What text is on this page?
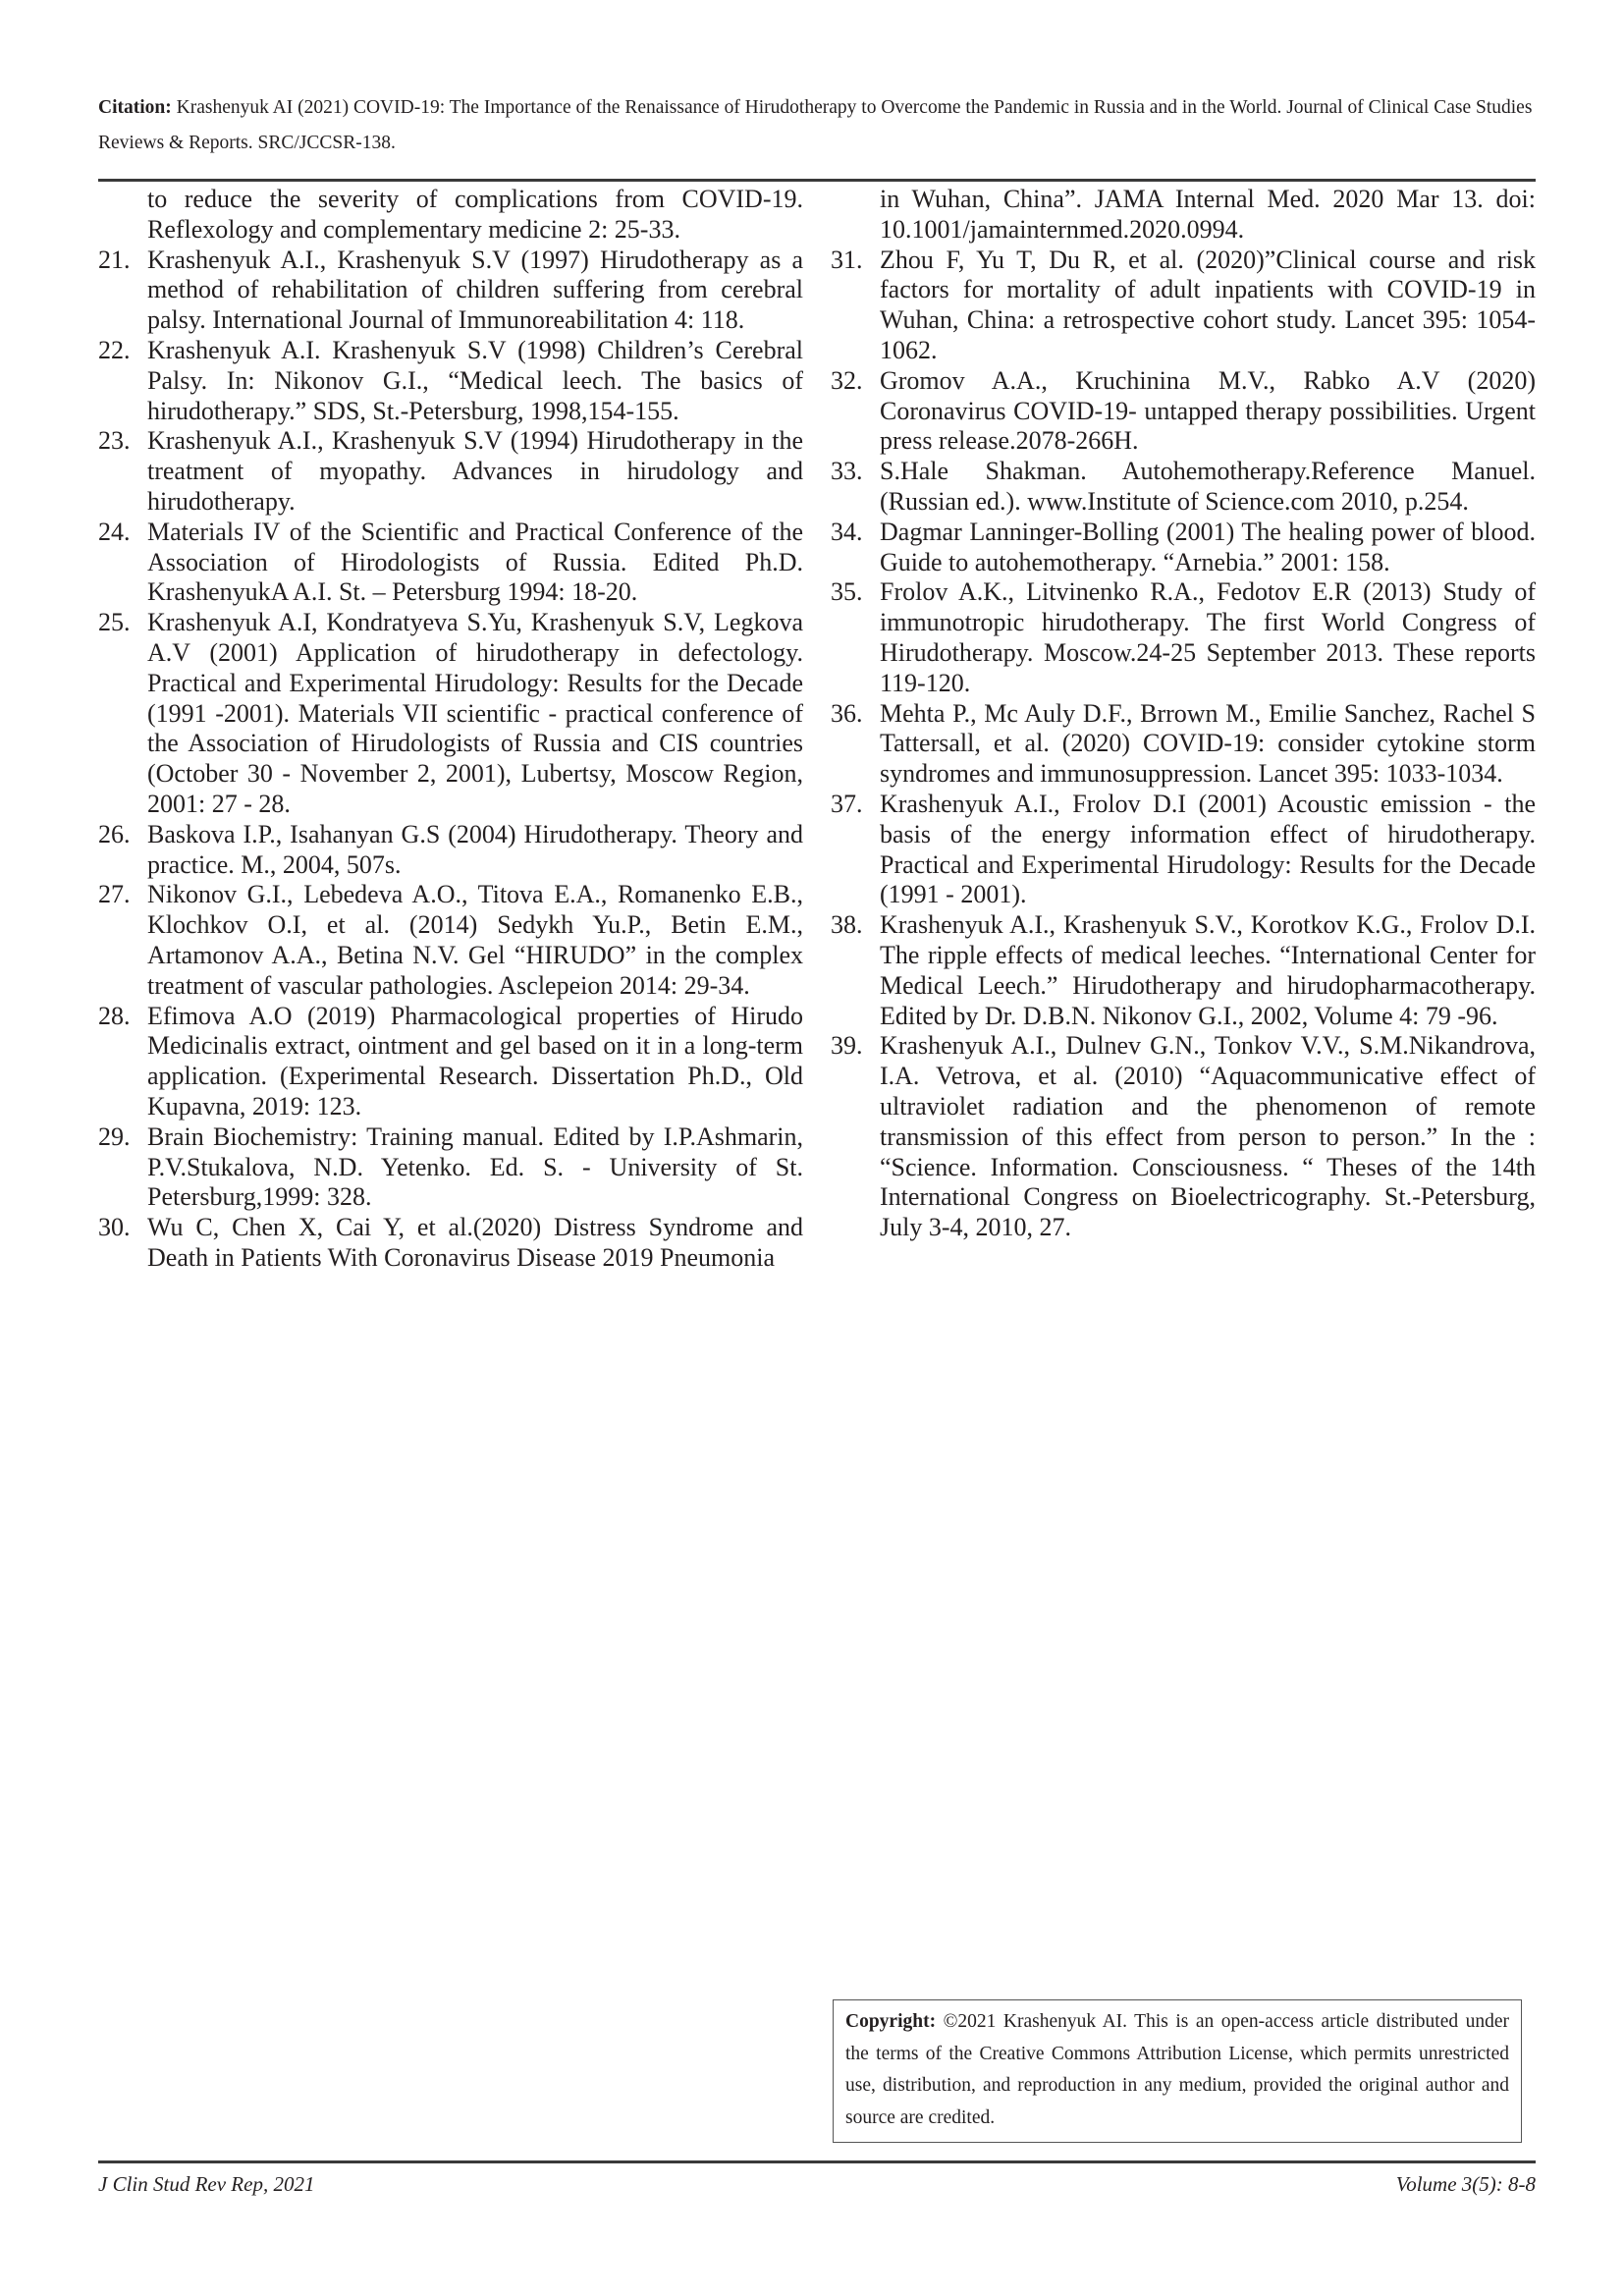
Citation: Krashenyuk AI (2021) COVID-19: The Importance of the Renaissance of Hirudotherapy to Overcome the Pandemic in Russia and in the World. Journal of Clinical Case Studies Reviews & Reports. SRC/JCCSR-138.
to reduce the severity of complications from COVID-19. Reflexology and complementary medicine 2: 25-33.
21. Krashenyuk A.I., Krashenyuk S.V (1997) Hirudotherapy as a method of rehabilitation of children suffering from cerebral palsy. International Journal of Immunoreabilitation 4: 118.
22. Krashenyuk A.I. Krashenyuk S.V (1998) Children’s Cerebral Palsy. In: Nikonov G.I., “Medical leech. The basics of hirudotherapy.” SDS, St.-Petersburg, 1998,154-155.
23. Krashenyuk A.I., Krashenyuk S.V (1994) Hirudotherapy in the treatment of myopathy. Advances in hirudology and hirudotherapy.
24. Materials IV of the Scientific and Practical Conference of the Association of Hirodologists of Russia. Edited Ph.D. KrashenyukA A.I. St. – Petersburg 1994: 18-20.
25. Krashenyuk A.I, Kondratyeva S.Yu, Krashenyuk S.V, Legkova A.V (2001) Application of hirudotherapy in defectology. Practical and Experimental Hirudology: Results for the Decade (1991 -2001). Materials VII scientific - practical conference of the Association of Hirudologists of Russia and CIS countries (October 30 - November 2, 2001), Lubertsy, Moscow Region, 2001: 27 - 28.
26. Baskova I.P., Isahanyan G.S (2004) Hirudotherapy. Theory and practice. M., 2004, 507s.
27. Nikonov G.I., Lebedeva A.O., Titova E.A., Romanenko E.B., Klochkov O.I, et al. (2014) Sedykh Yu.P., Betin E.M., Artamonov A.A., Betina N.V. Gel “HIRUDO” in the complex treatment of vascular pathologies. Asclepeion 2014: 29-34.
28. Efimova A.O (2019) Pharmacological properties of Hirudo Medicinalis extract, ointment and gel based on it in a long-term application. (Experimental Research. Dissertation Ph.D., Old Kupavna, 2019: 123.
29. Brain Biochemistry: Training manual. Edited by I.P.Ashmarin, P.V.Stukalova, N.D. Yetenko. Ed. S. - University of St. Petersburg,1999: 328.
30. Wu C, Chen X, Cai Y, et al.(2020) Distress Syndrome and Death in Patients With Coronavirus Disease 2019 Pneumonia
in Wuhan, China”. JAMA Internal Med. 2020 Mar 13. doi: 10.1001/jamainternmed.2020.0994.
31. Zhou F, Yu T, Du R, et al. (2020)”Clinical course and risk factors for mortality of adult inpatients with COVID-19 in Wuhan, China: a retrospective cohort study. Lancet 395: 1054-1062.
32. Gromov A.A., Kruchinina M.V., Rabko A.V (2020) Coronavirus COVID-19- untapped therapy possibilities. Urgent press release.2078-266H.
33. S.Hale Shakman. Autohemotherapy.Reference Manuel. (Russian ed.). www.Institute of Science.com 2010, p.254.
34. Dagmar Lanninger-Bolling (2001) The healing power of blood. Guide to autohemotherapy. “Arnebia.” 2001: 158.
35. Frolov A.K., Litvinenko R.A., Fedotov E.R (2013) Study of immunotropic hirudotherapy. The first World Congress of Hirudotherapy. Moscow.24-25 September 2013. These reports 119-120.
36. Mehta P., Mc Auly D.F., Brrown M., Emilie Sanchez, Rachel S Tattersall, et al. (2020) COVID-19: consider cytokine storm syndromes and immunosuppression. Lancet 395: 1033-1034.
37. Krashenyuk A.I., Frolov D.I (2001) Acoustic emission - the basis of the energy information effect of hirudotherapy. Practical and Experimental Hirudology: Results for the Decade (1991 - 2001).
38. Krashenyuk A.I., Krashenyuk S.V., Korotkov K.G., Frolov D.I. The ripple effects of medical leeches. “International Center for Medical Leech.” Hirudotherapy and hirudopharmacotherapy. Edited by Dr. D.B.N. Nikonov G.I., 2002, Volume 4: 79 -96.
39. Krashenyuk A.I., Dulnev G.N., Tonkov V.V., S.M.Nikandrova, I.A. Vetrova, et al. (2010) “Aquacommunicative effect of ultraviolet radiation and the phenomenon of remote transmission of this effect from person to person.” In the : “Science. Information. Consciousness. “ Theses of the 14th International Congress on Bioelectricography. St.-Petersburg, July 3-4, 2010, 27.
Copyright: ©2021 Krashenyuk AI. This is an open-access article distributed under the terms of the Creative Commons Attribution License, which permits unrestricted use, distribution, and reproduction in any medium, provided the original author and source are credited.
J Clin Stud Rev Rep, 2021	Volume 3(5): 8-8
